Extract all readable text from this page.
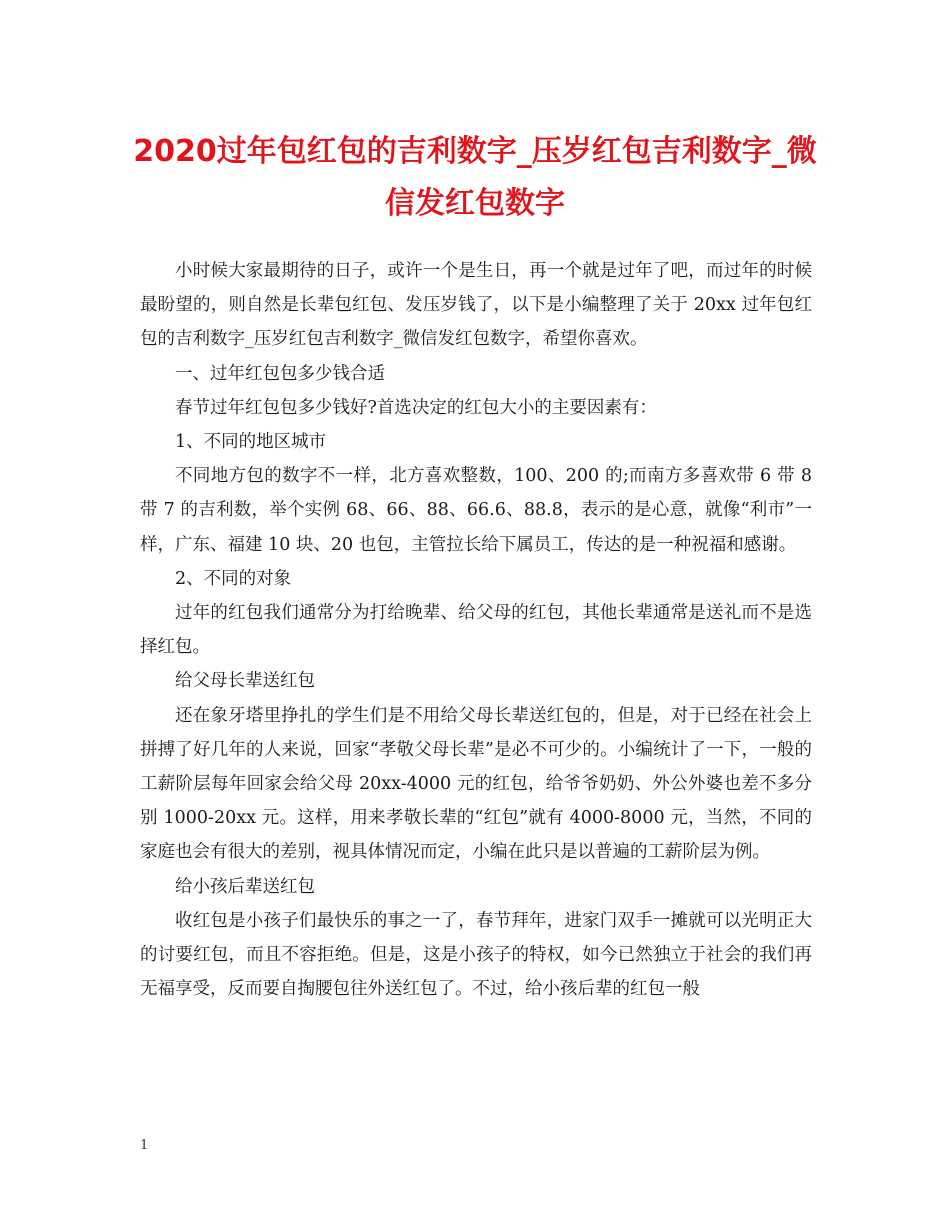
2020过年包红包的吉利数字_压岁红包吉利数字_微信发红包数字

小时候大家最期待的日子，或许一个是生日，再一个就是过年了吧，而过年的时候最盼望的，则自然是长辈包红包、发压岁钱了，以下是小编整理了关于 20xx 过年包红包的吉利数字_压岁红包吉利数字_微信发红包数字，希望你喜欢。

一、过年红包包多少钱合适

春节过年红包包多少钱好?首选决定的红包大小的主要因素有：

1、不同的地区城市

不同地方包的数字不一样，北方喜欢整数，100、200 的;而南方多喜欢带 6 带 8 带 7 的吉利数，举个实例 68、66、88、66.6、88.8，表示的是心意，就像“利市”一样，广东、福建 10 块、20 也包，主管拉长给下属员工，传达的是一种祝福和感谢。

2、不同的对象

过年的红包我们通常分为打给晚辈、给父母的红包，其他长辈通常是送礼而不是选择红包。

给父母长辈送红包

还在象牙塔里挣扎的学生们是不用给父母长辈送红包的，但是，对于已经在社会上拼搏了好几年的人来说，回家“孝敬父母长辈”是必不可少的。小编统计了一下，一般的工薪阶层每年回家会给父母 20xx-4000 元的红包，给爷爷奶奶、外公外婆也差不多分别 1000-20xx 元。这样，用来孝敬长辈的“红包”就有 4000-8000 元，当然，不同的家庭也会有很大的差别，视具体情况而定，小编在此只是以普遍的工薪阶层为例。

给小孩后辈送红包

收红包是小孩子们最快乐的事之一了，春节拜年，进家门双手一摊就可以光明正大的讨要红包，而且不容拒绝。但是，这是小孩子的特权，如今已然独立于社会的我们再无福享受，反而要自掏腰包往外送红包了。不过，给小孩后辈的红包一般

1
